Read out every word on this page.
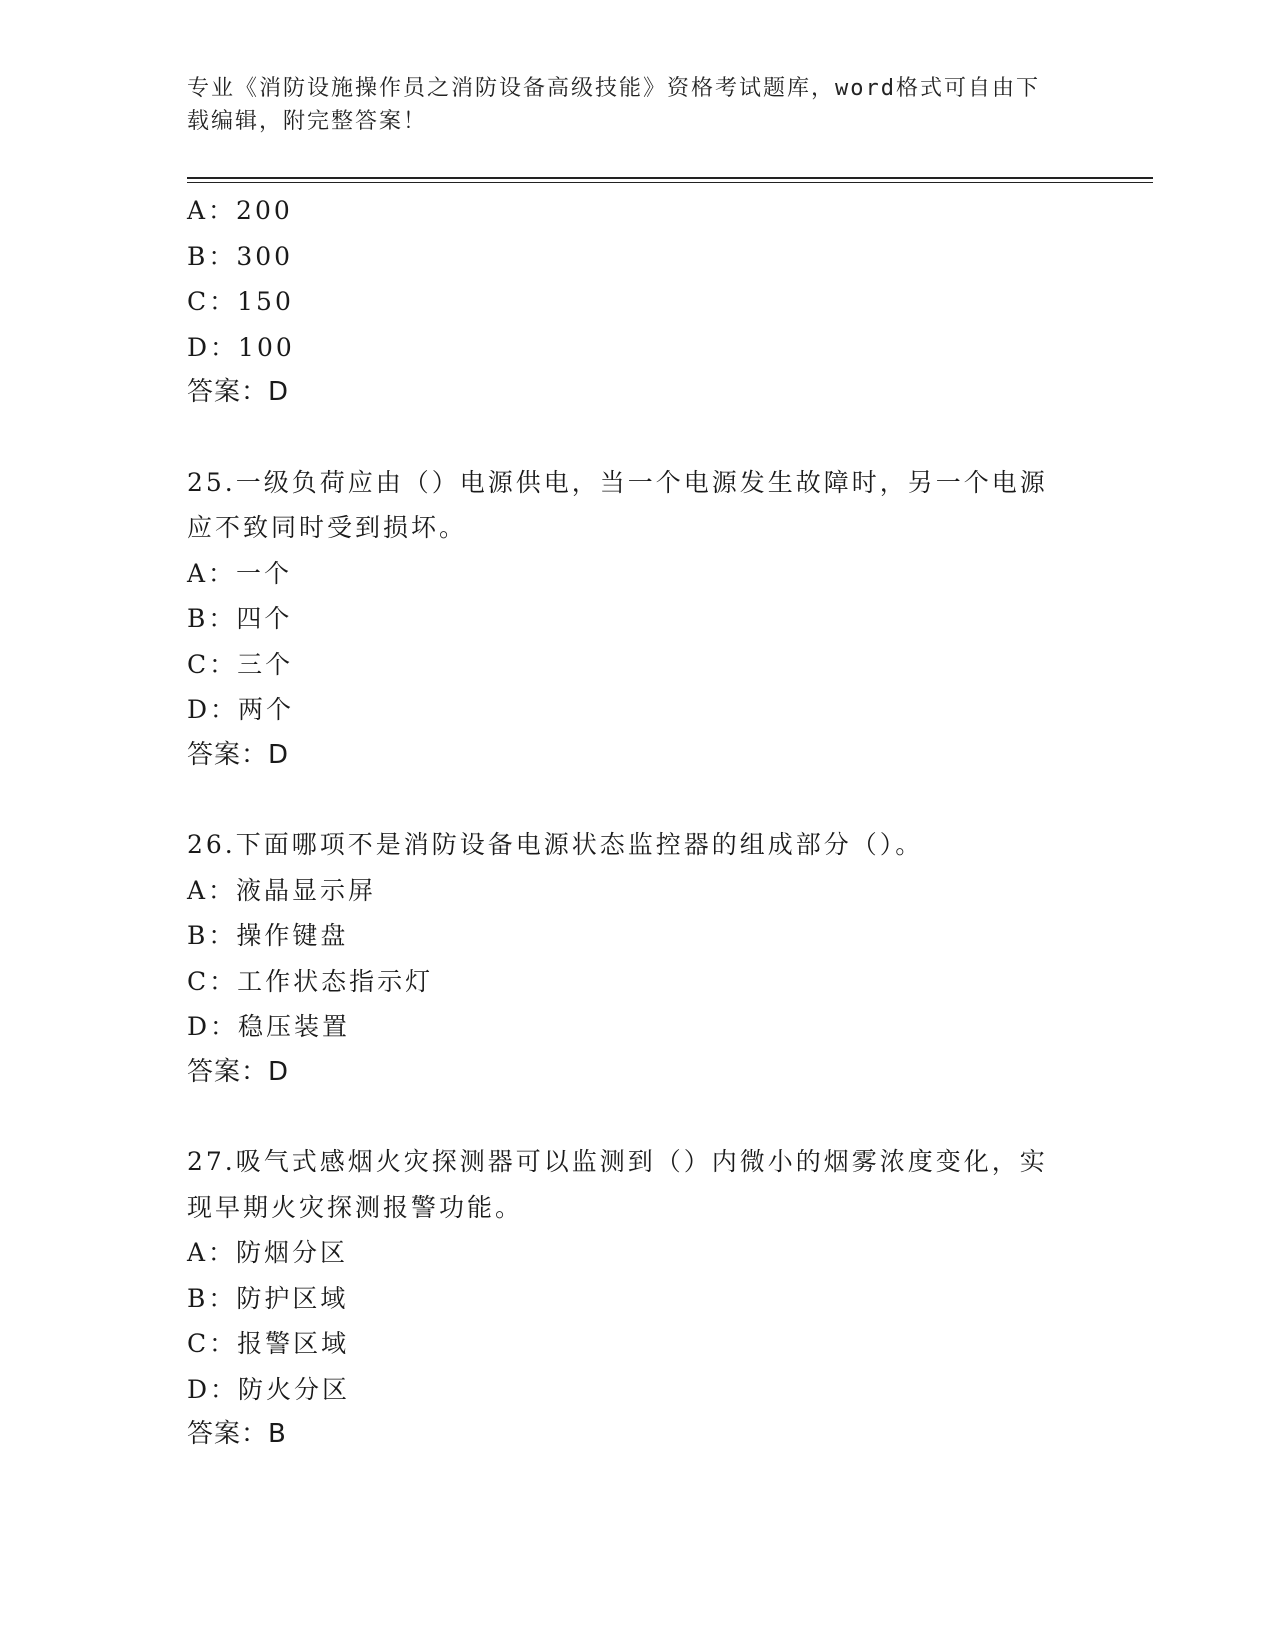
专业《消防设施操作员之消防设备高级技能》资格考试题库，word格式可自由下
载编辑，附完整答案！
A：200
B：300
C：150
D：100
答案：D
25.一级负荷应由（）电源供电，当一个电源发生故障时，另一个电源
应不致同时受到损坏。
A：一个
B：四个
C：三个
D：两个
答案：D
26.下面哪项不是消防设备电源状态监控器的组成部分（）。
A：液晶显示屏
B：操作键盘
C：工作状态指示灯
D：稳压装置
答案：D
27.吸气式感烟火灾探测器可以监测到（）内微小的烟雾浓度变化，实
现早期火灾探测报警功能。
A：防烟分区
B：防护区域
C：报警区域
D：防火分区
答案：B
